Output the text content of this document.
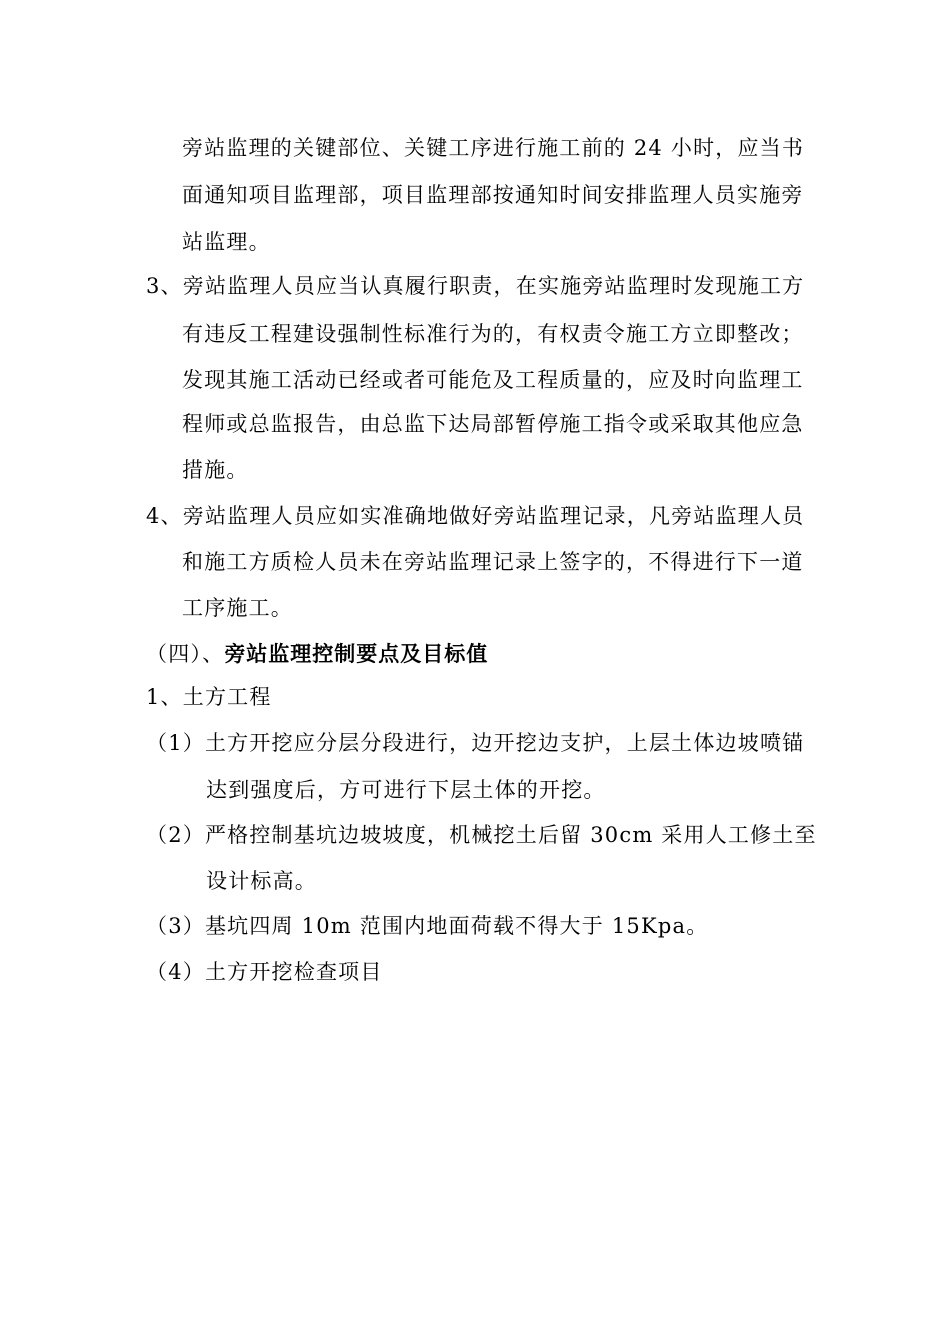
旁站监理的关键部位、关键工序进行施工前的 24 小时，应当书
面通知项目监理部，项目监理部按通知时间安排监理人员实施旁
站监理。
3、旁站监理人员应当认真履行职责，在实施旁站监理时发现施工方
有违反工程建设强制性标准行为的，有权责令施工方立即整改；
发现其施工活动已经或者可能危及工程质量的，应及时向监理工
程师或总监报告，由总监下达局部暂停施工指令或采取其他应急
措施。
4、旁站监理人员应如实准确地做好旁站监理记录，凡旁站监理人员
和施工方质检人员未在旁站监理记录上签字的，不得进行下一道
工序施工。
（四）、旁站监理控制要点及目标值
1、土方工程
（1）土方开挖应分层分段进行，边开挖边支护，上层土体边坡喷锚
达到强度后，方可进行下层土体的开挖。
（2）严格控制基坑边坡坡度，机械挖土后留 30cm 采用人工修土至
设计标高。
（3）基坑四周 10m 范围内地面荷载不得大于 15Kpa。
（4）土方开挖检查项目
